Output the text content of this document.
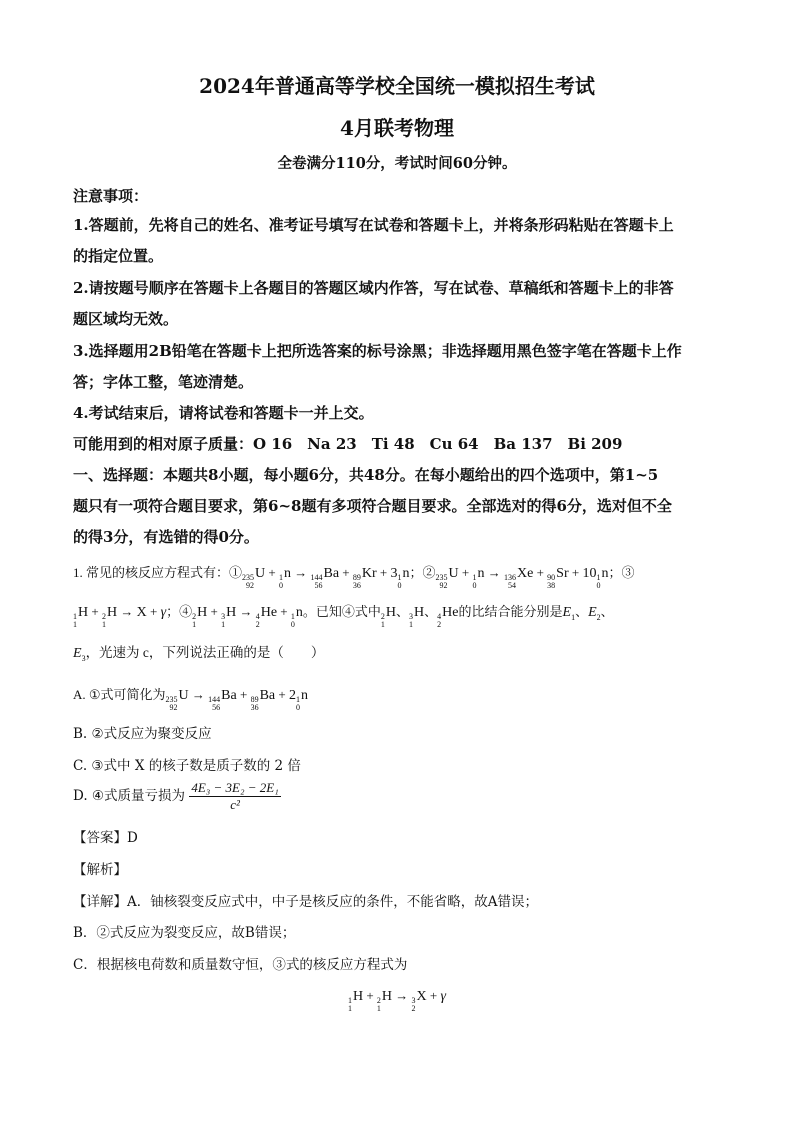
2024年普通高等学校全国统一模拟招生考试
4月联考物理
全卷满分110分，考试时间60分钟。
注意事项：
1.答题前，先将自己的姓名、准考证号填写在试卷和答题卡上，并将条形码粘贴在答题卡上
的指定位置。
2.请按题号顺序在答题卡上各题目的答题区域内作答，写在试卷、草稿纸和答题卡上的非答
题区域均无效。
3.选择题用2B铅笔在答题卡上把所选答案的标号涂黑；非选择题用黑色签字笔在答题卡上作
答；字体工整，笔迹清楚。
4.考试结束后，请将试卷和答题卡一并上交。
可能用到的相对原子质量：O 16　Na 23　Ti 48　Cu 64　Ba 137　Bi 209
一、选择题：本题共8小题，每小题6分，共48分。在每小题给出的四个选项中，第1~5
题只有一项符合题目要求，第6~8题有多项符合题目要求。全部选对的得6分，选对但不全
的得3分，有选错的得0分。
1. 常见的核反应方程式有：① 235
92
U + 1
0
n → 144
56
Ba + 89
36
Kr + 3 1
0
n；② 235
92
U + 1
0
n → 136
54
Xe + 90
38
Sr + 10 1
0
n；③
1
1
H + 2
1
H → X + γ；④ 2
1
H + 3
1
H → 4
2
He + 1
0
n。已知④式中 2
1
H、 3
1
H、 4
2
He的比结合能分别是$E_1$、$E_2$、
$E_3$，光速为 c，下列说法正确的是（　　）
A. ①式可简化为 235
92
U → 144
56
Ba + 89
36
Ba + 2 1
0
n
B. ②式反应为聚变反应
C. ③式中 X 的核子数是质子数的 2 倍
D. ④式质量亏损为 $\frac{\text{4E₃ − 3E₂ − 2E₁}}{\text{c²}}$
【答案】D
【解析】
【详解】A．铀核裂变反应式中，中子是核反应的条件，不能省略，故A错误；
B．②式反应为裂变反应，故B错误；
C．根据核电荷数和质量数守恒，③式的核反应方程式为
1
1
H + 2
1
H → 3
2
X + γ
